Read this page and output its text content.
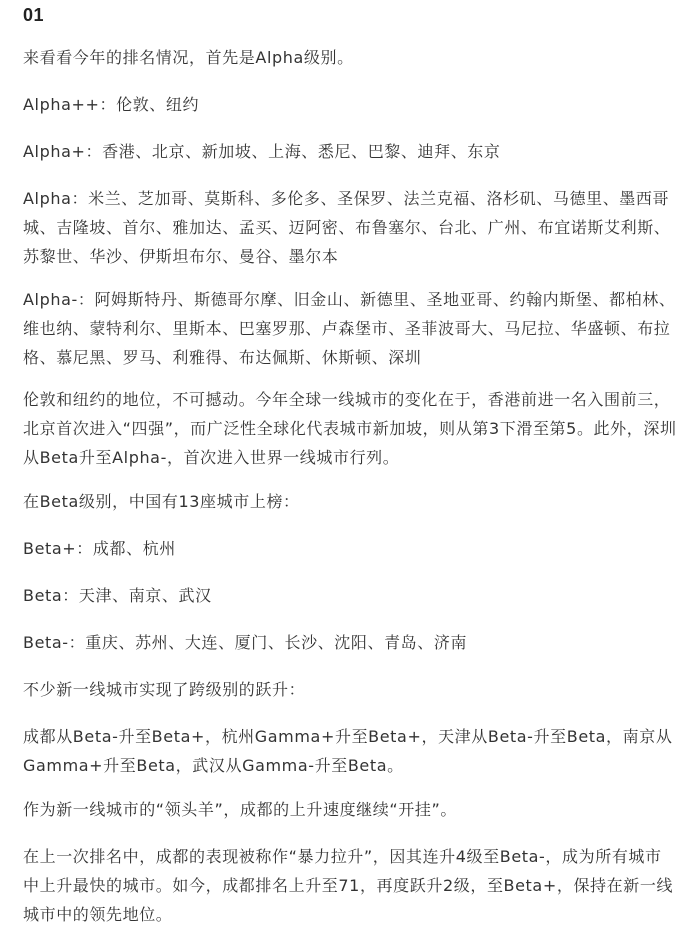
01

来看看今年的排名情况，首先是Alpha级别。

Alpha++：伦敦、纽约

Alpha+：香港、北京、新加坡、上海、悉尼、巴黎、迪拜、东京

Alpha：米兰、芝加哥、莫斯科、多伦多、圣保罗、法兰克福、洛杉矶、马德里、墨西哥城、吉隆坡、首尔、雅加达、孟买、迈阿密、布鲁塞尔、台北、广州、布宜诺斯艾利斯、苏黎世、华沙、伊斯坦布尔、曼谷、墨尔本

Alpha-：阿姆斯特丹、斯德哥尔摩、旧金山、新德里、圣地亚哥、约翰内斯堡、都柏林、维也纳、蒙特利尔、里斯本、巴塞罗那、卢森堡市、圣菲波哥大、马尼拉、华盛顿、布拉格、慕尼黑、罗马、利雅得、布达佩斯、休斯顿、深圳

伦敦和纽约的地位，不可撼动。今年全球一线城市的变化在于，香港前进一名入围前三，北京首次进入“四强”，而广泛性全球化代表城市新加坡，则从第3下滑至第5。此外，深圳从Beta升至Alpha-，首次进入世界一线城市行列。

在Beta级别，中国有13座城市上榜：

Beta+：成都、杭州

Beta：天津、南京、武汉

Beta-：重庆、苏州、大连、厦门、长沙、沈阳、青岛、济南

不少新一线城市实现了跨级别的跃升：

成都从Beta-升至Beta+，杭州Gamma+升至Beta+，天津从Beta-升至Beta，南京从Gamma+升至Beta，武汉从Gamma-升至Beta。

作为新一线城市的“领头羊”，成都的上升速度继续“开挂”。

在上一次排名中，成都的表现被称作“暴力拉升”，因其连升4级至Beta-，成为所有城市中上升最快的城市。如今，成都排名上升至71，再度跃升2级，至Beta+，保持在新一线城市中的领先地位。
